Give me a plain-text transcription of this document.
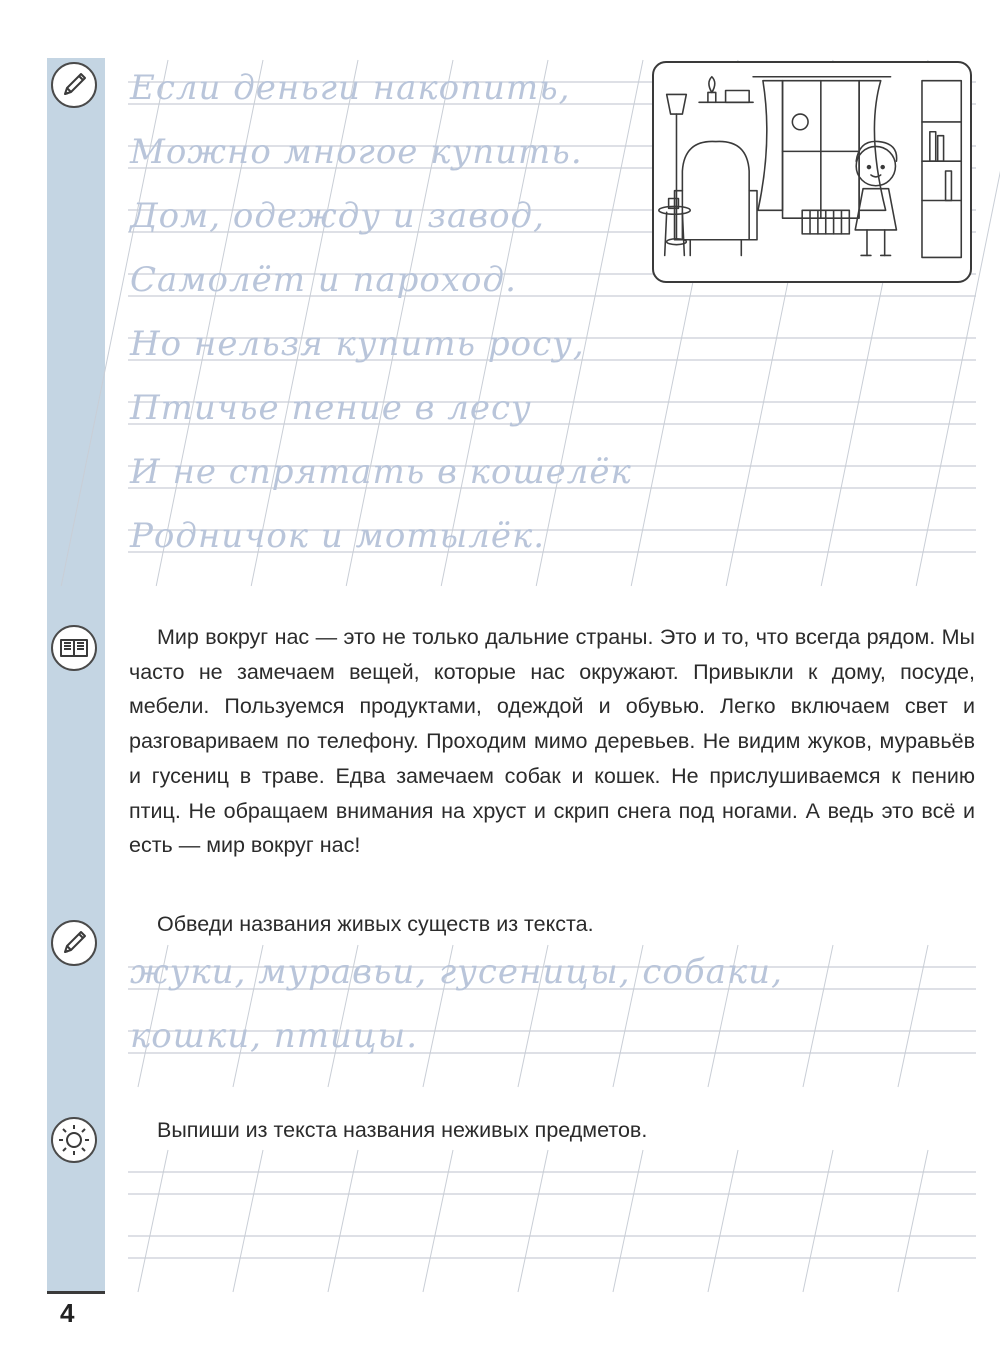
4
Если деньги накопить,
Можно многое купить.
Дом, одежду и завод,
Самолёт и пароход.
Но нельзя купить росу,
Птичье пение в лесу
И не спрятать в кошелёк
Родничок и мотылёк.

Мир вокруг нас — это не только дальние страны. Это и то, что всегда рядом. Мы часто не замечаем вещей, которые нас окружают. Привыкли к дому, посуде, мебели. Пользуемся продуктами, одеждой и обувью. Легко включаем свет и разговариваем по телефону. Проходим мимо деревьев. Не видим жуков, муравьёв и гусениц в траве. Едва замечаем собак и кошек. Не прислушиваемся к пению птиц. Не обращаем внимания на хруст и скрип снега под ногами. А ведь это всё и есть — мир вокруг нас!

Обведи названия живых существ из текста.
жуки, муравьи, гусеницы, собаки,
кошки, птицы.
Выпиши из текста названия неживых предметов.
